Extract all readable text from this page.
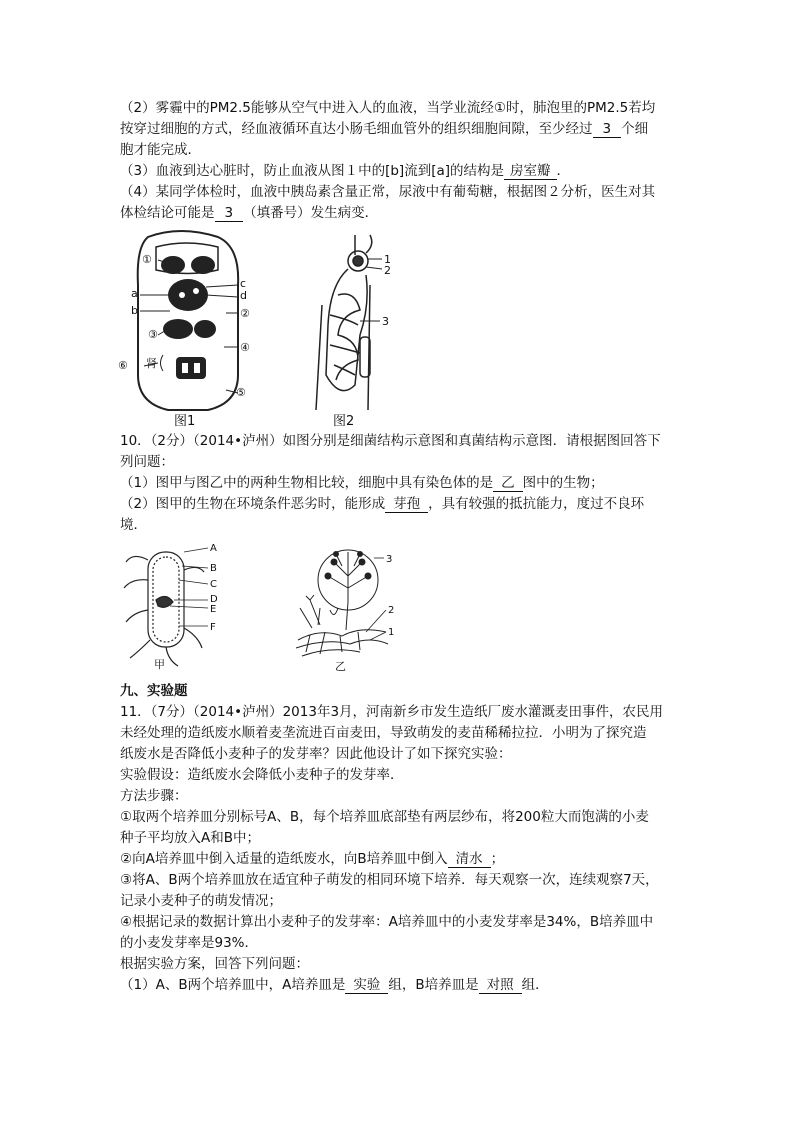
（2）雾霾中的PM2.5能够从空气中进入人的血液，当学业流经①时，肺泡里的PM2.5若均
按穿过细胞的方式，经血液循环直达小肠毛细血管外的组织细胞间隙，至少经过 3 个细
胞才能完成．
（3）血液到达心脏时，防止血液从图１中的[b]流到[a]的结构是 房室瓣 ．
（4）某同学体检时，血液中胰岛素含量正常，尿液中有葡萄糖，根据图２分析，医生对其
体检结论可能是 3 （填番号）发生病变．
①
a
b
c
d
②
③
④
⑥ 肾
⑤
图1
1
2
3
图2
10．（2分）（2014•泸州）如图分别是细菌结构示意图和真菌结构示意图．请根据图回答下
列问题：
（1）图甲与图乙中的两种生物相比较，细胞中具有染色体的是 乙 图中的生物；
（2）图甲的生物在环境条件恶劣时，能形成 芽孢 ，具有较强的抵抗能力，度过不良环
境．
A
B
C
D
E
F
甲
3
2
1
乙
九、实验题
11．（7分）（2014•泸州）2013年3月，河南新乡市发生造纸厂废水灌溉麦田事件，农民用
未经处理的造纸废水顺着麦垄流进百亩麦田，导致萌发的麦苗稀稀拉拉．小明为了探究造
纸废水是否降低小麦种子的发芽率？因此他设计了如下探究实验：
实验假设：造纸废水会降低小麦种子的发芽率．
方法步骤：
①取两个培养皿分别标号A、B，每个培养皿底部垫有两层纱布，将200粒大而饱满的小麦
种子平均放入A和B中；
②向A培养皿中倒入适量的造纸废水，向B培养皿中倒入 清水 ；
③将A、B两个培养皿放在适宜种子萌发的相同环境下培养．每天观察一次，连续观察7天，
记录小麦种子的萌发情况；
④根据记录的数据计算出小麦种子的发芽率：A培养皿中的小麦发芽率是34%，B培养皿中
的小麦发芽率是93%．
根据实验方案，回答下列问题：
（1）A、B两个培养皿中，A培养皿是 实验 组，B培养皿是 对照 组．
